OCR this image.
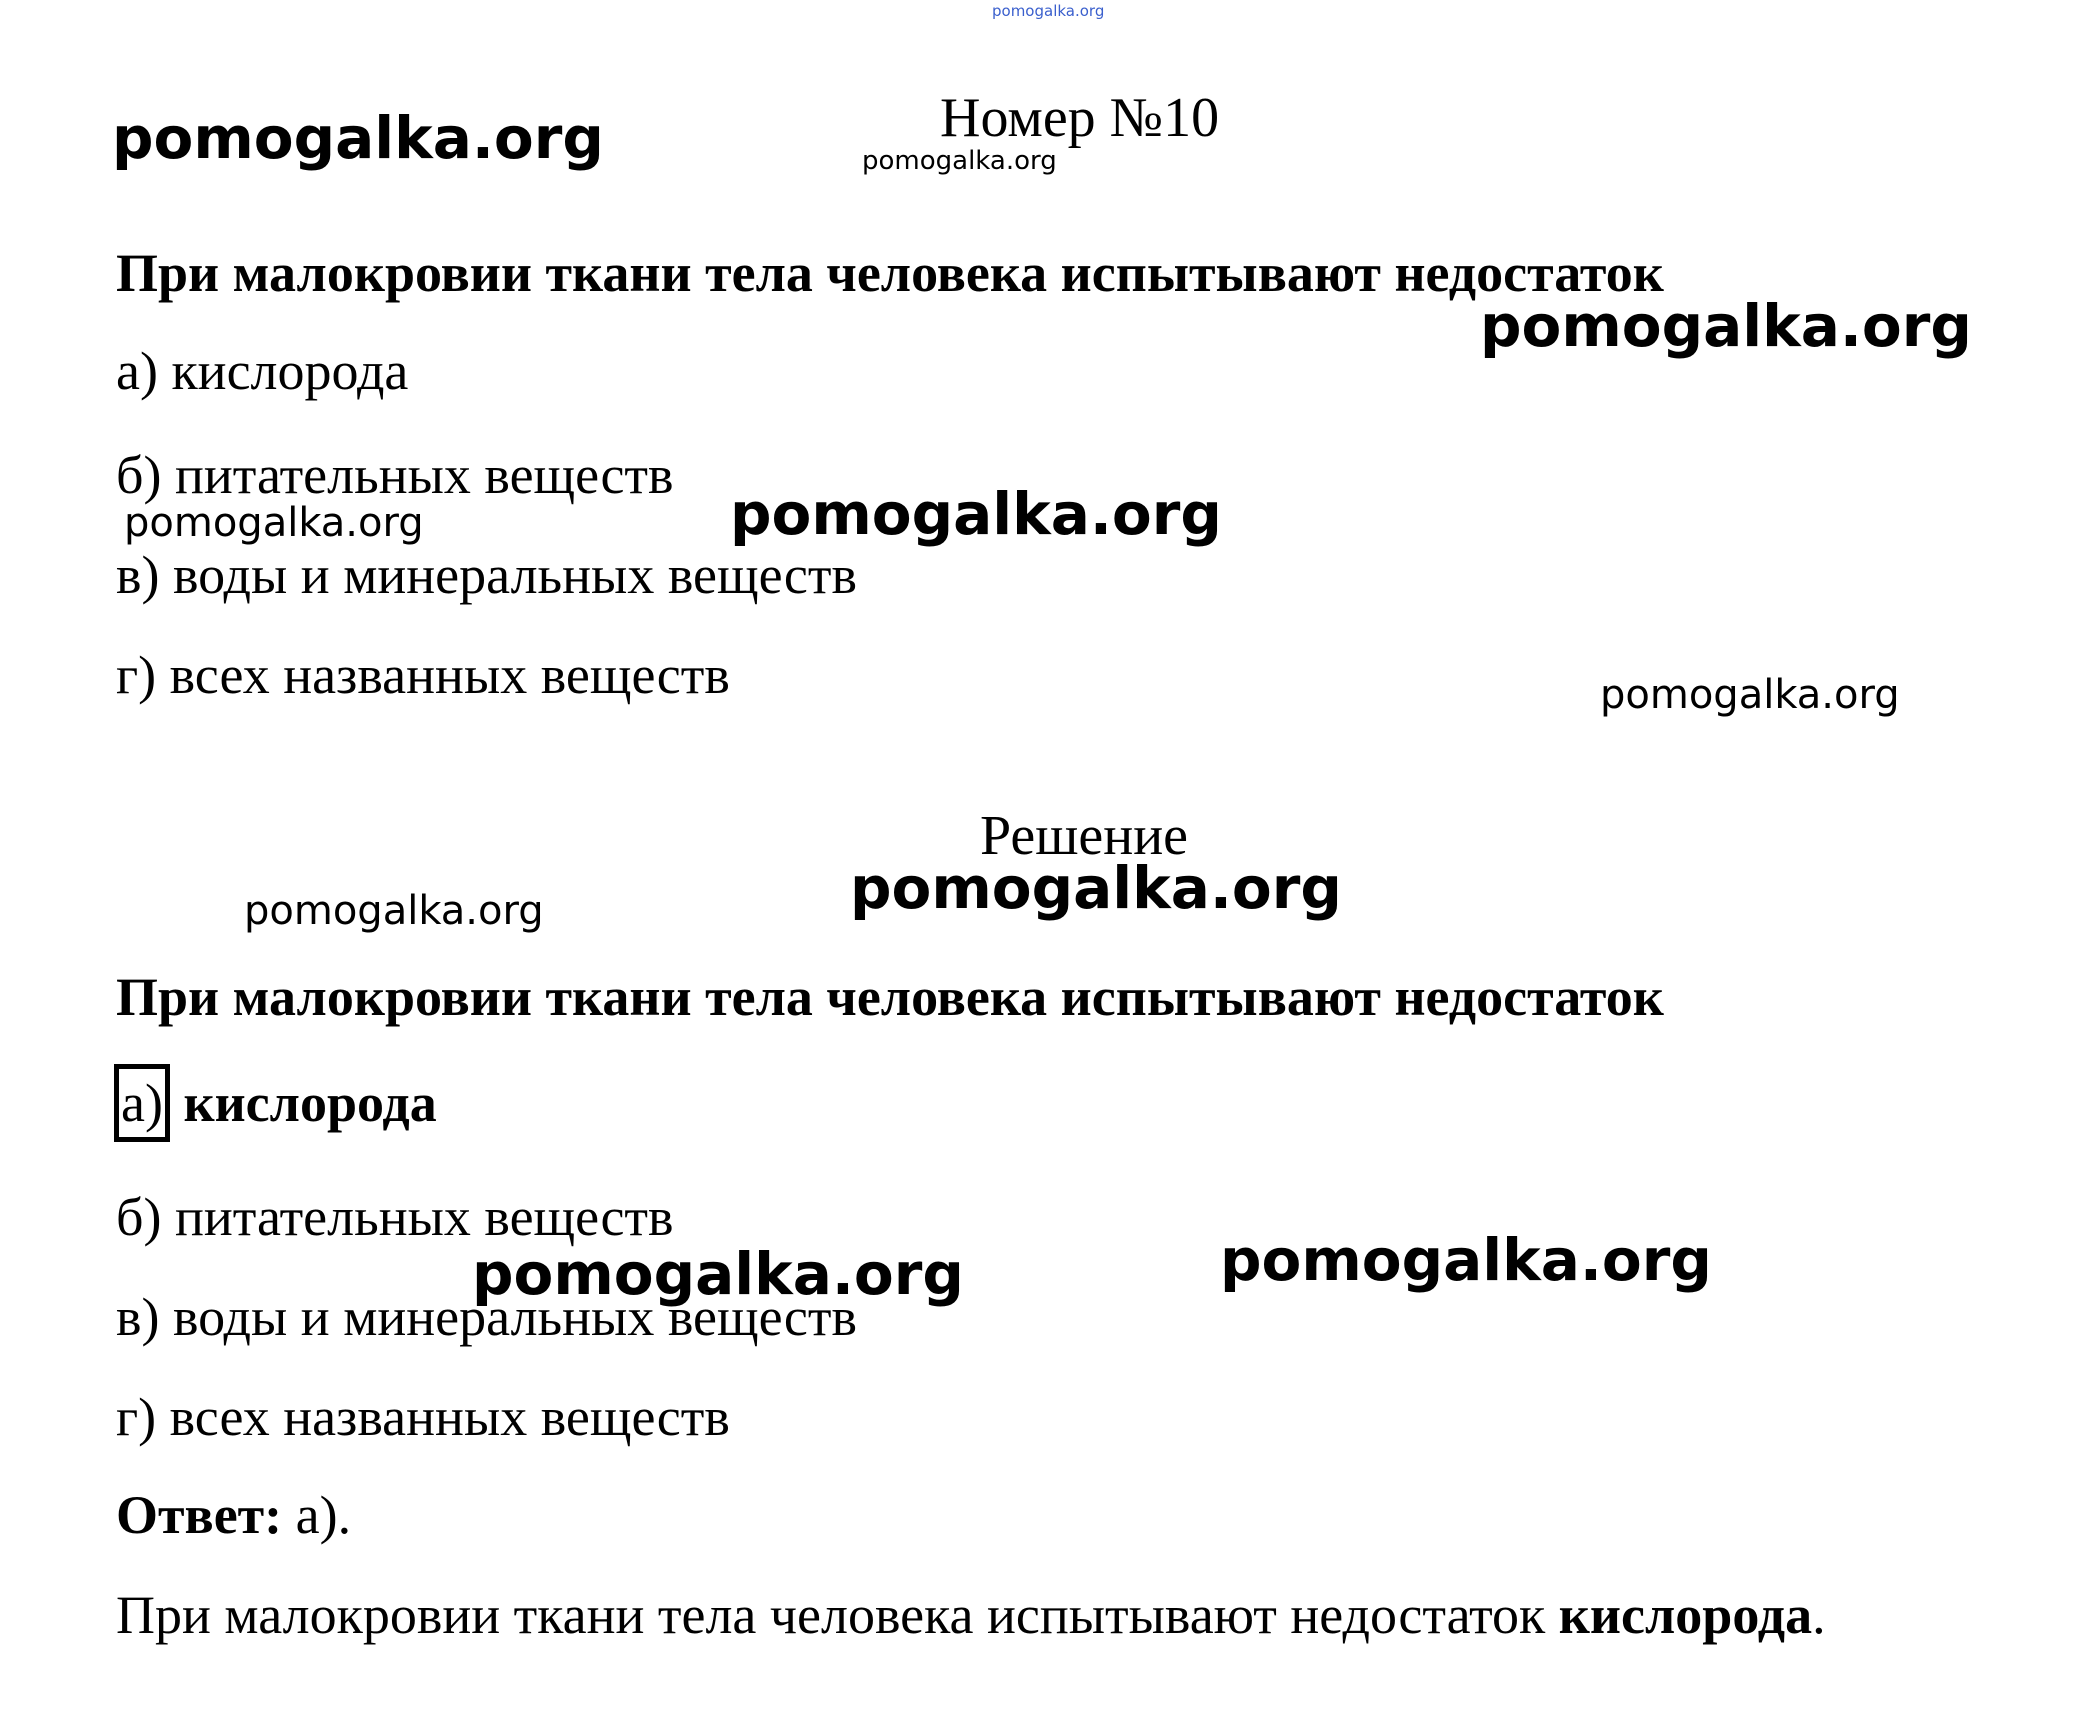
pomogalka.org
pomogalka.org	Номер №10
pomogalka.org
При малокровии ткани тела человека испытывают недостаток
pomogalka.org
а) кислорода
б) питательных веществ
pomogalka.org	pomogalka.org
в) воды и минеральных веществ
г) всех названных веществ	pomogalka.org
Решение
pomogalka.org
pomogalka.org
При малокровии ткани тела человека испытывают недостаток
а) кислорода
б) питательных веществ
в) воды и минеральных веществ
pomogalka.org	pomogalka.org
г) всех названных веществ
Ответ: а).
При малокровии ткани тела человека испытывают недостаток кислорода.
